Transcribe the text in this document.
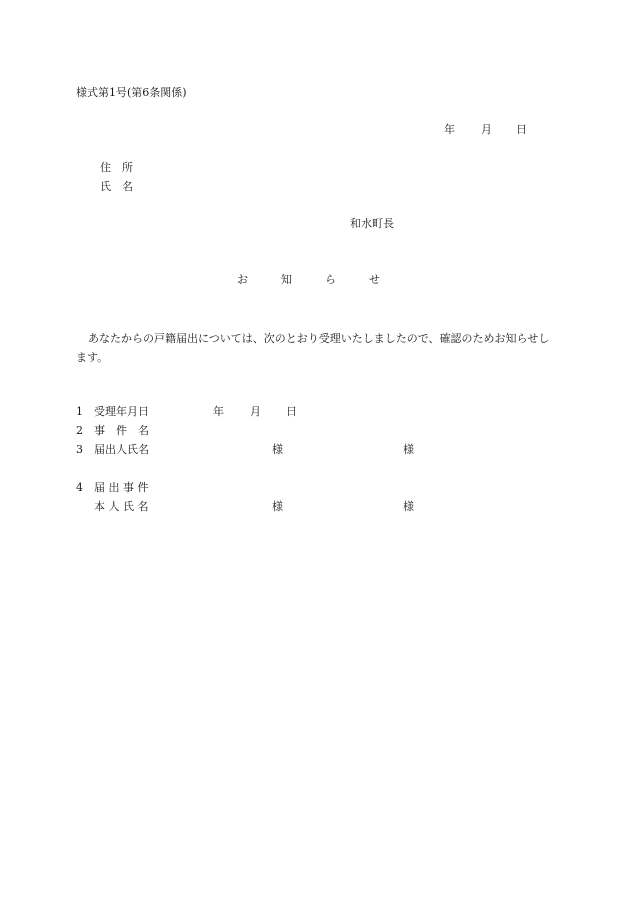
様式第1号(第6条関係)
年 月 日
住　所
氏　名
和水町長
お　　　知　　　ら　　　せ
あなたからの戸籍届出については、次のとおり受理いたしましたので、確認のためお知らせします。
1 受理年月日	年 月 日
2 事　件　名
3 届出人氏名	様	様
4 届 出 事 件
本 人 氏 名	様	様
